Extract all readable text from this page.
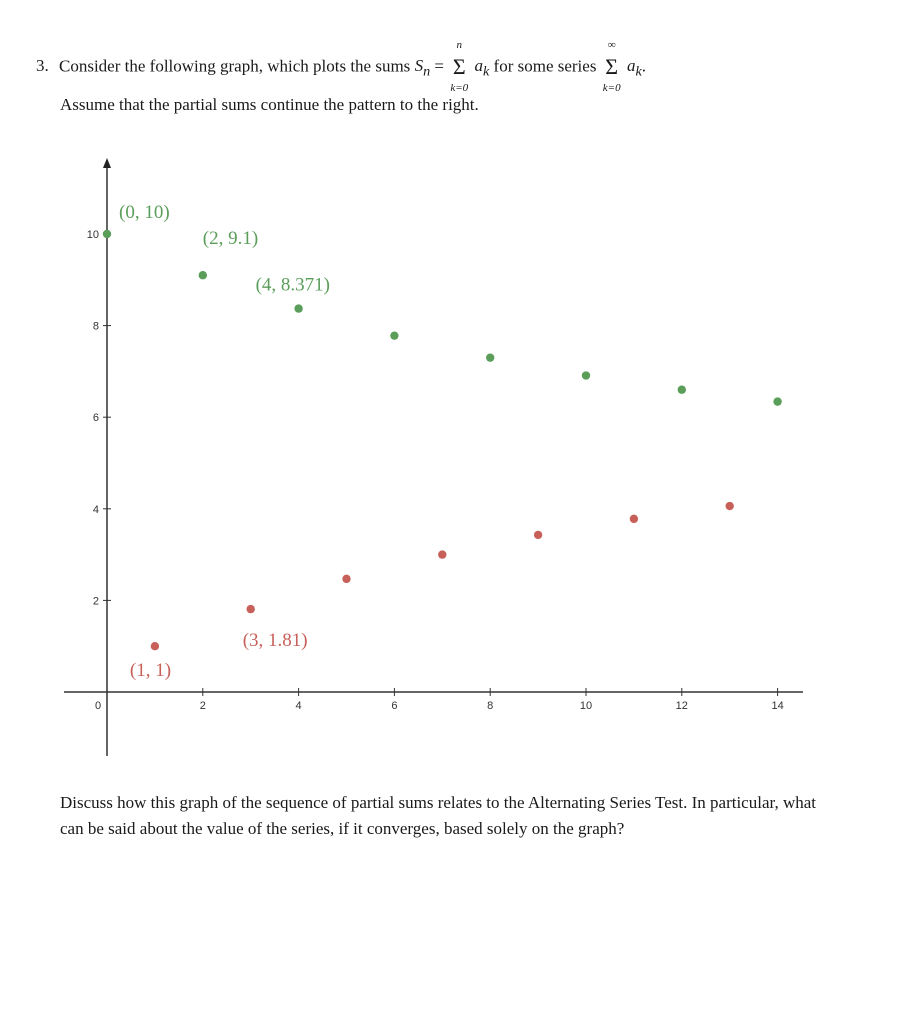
3. Consider the following graph, which plots the sums $S_n$ =
n
Σ
k=0
$a_k$ for some series
∞
Σ
k=0
$a_k$.
Assume that the partial sums continue the pattern to the right.
0	2	4	6	8	10	12	14
2
4
6
8
10
(0, 10)
(2, 9.1)
(4, 8.371)
(1, 1)
(3, 1.81)

Discuss how this graph of the sequence of partial sums relates to the Alternating Series Test. In particular, what can be said about the value of the series, if it converges, based solely on the graph?
